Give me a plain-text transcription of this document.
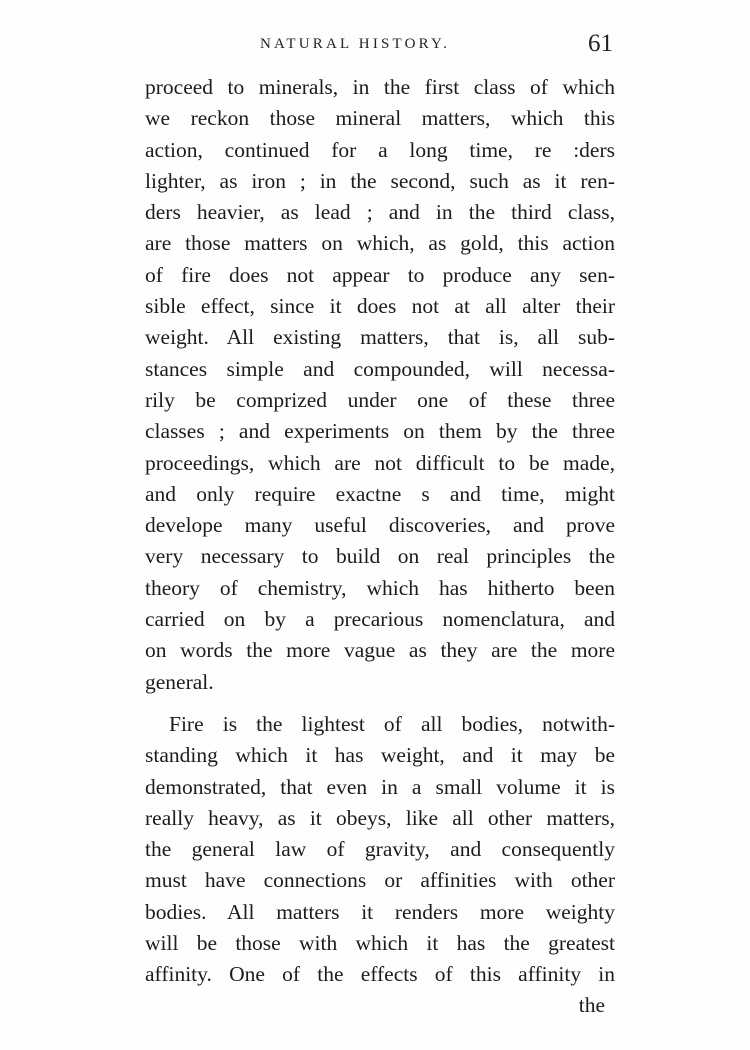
NATURAL HISTORY.	61
proceed to minerals, in the first class of which
we reckon those mineral matters, which this
action, continued for a long time, re :ders
lighter, as iron ; in the second, such as it ren-
ders heavier, as lead ; and in the third class,
are those matters on which, as gold, this action
of fire does not appear to produce any sen-
sible effect, since it does not at all alter their
weight. All existing matters, that is, all sub-
stances simple and compounded, will necessa-
rily be comprized under one of these three
classes ; and experiments on them by the three
proceedings, which are not difficult to be made,
and only require exactne s and time, might
develope many useful discoveries, and prove
very necessary to build on real principles the
theory of chemistry, which has hitherto been
carried on by a precarious nomenclatura, and
on words the more vague as they are the more
general.
Fire is the lightest of all bodies, notwith-
standing which it has weight, and it may be
demonstrated, that even in a small volume it is
really heavy, as it obeys, like all other matters,
the general law of gravity, and consequently
must have connections or affinities with other
bodies. All matters it renders more weighty
will be those with which it has the greatest
affinity. One of the effects of this affinity in
the
